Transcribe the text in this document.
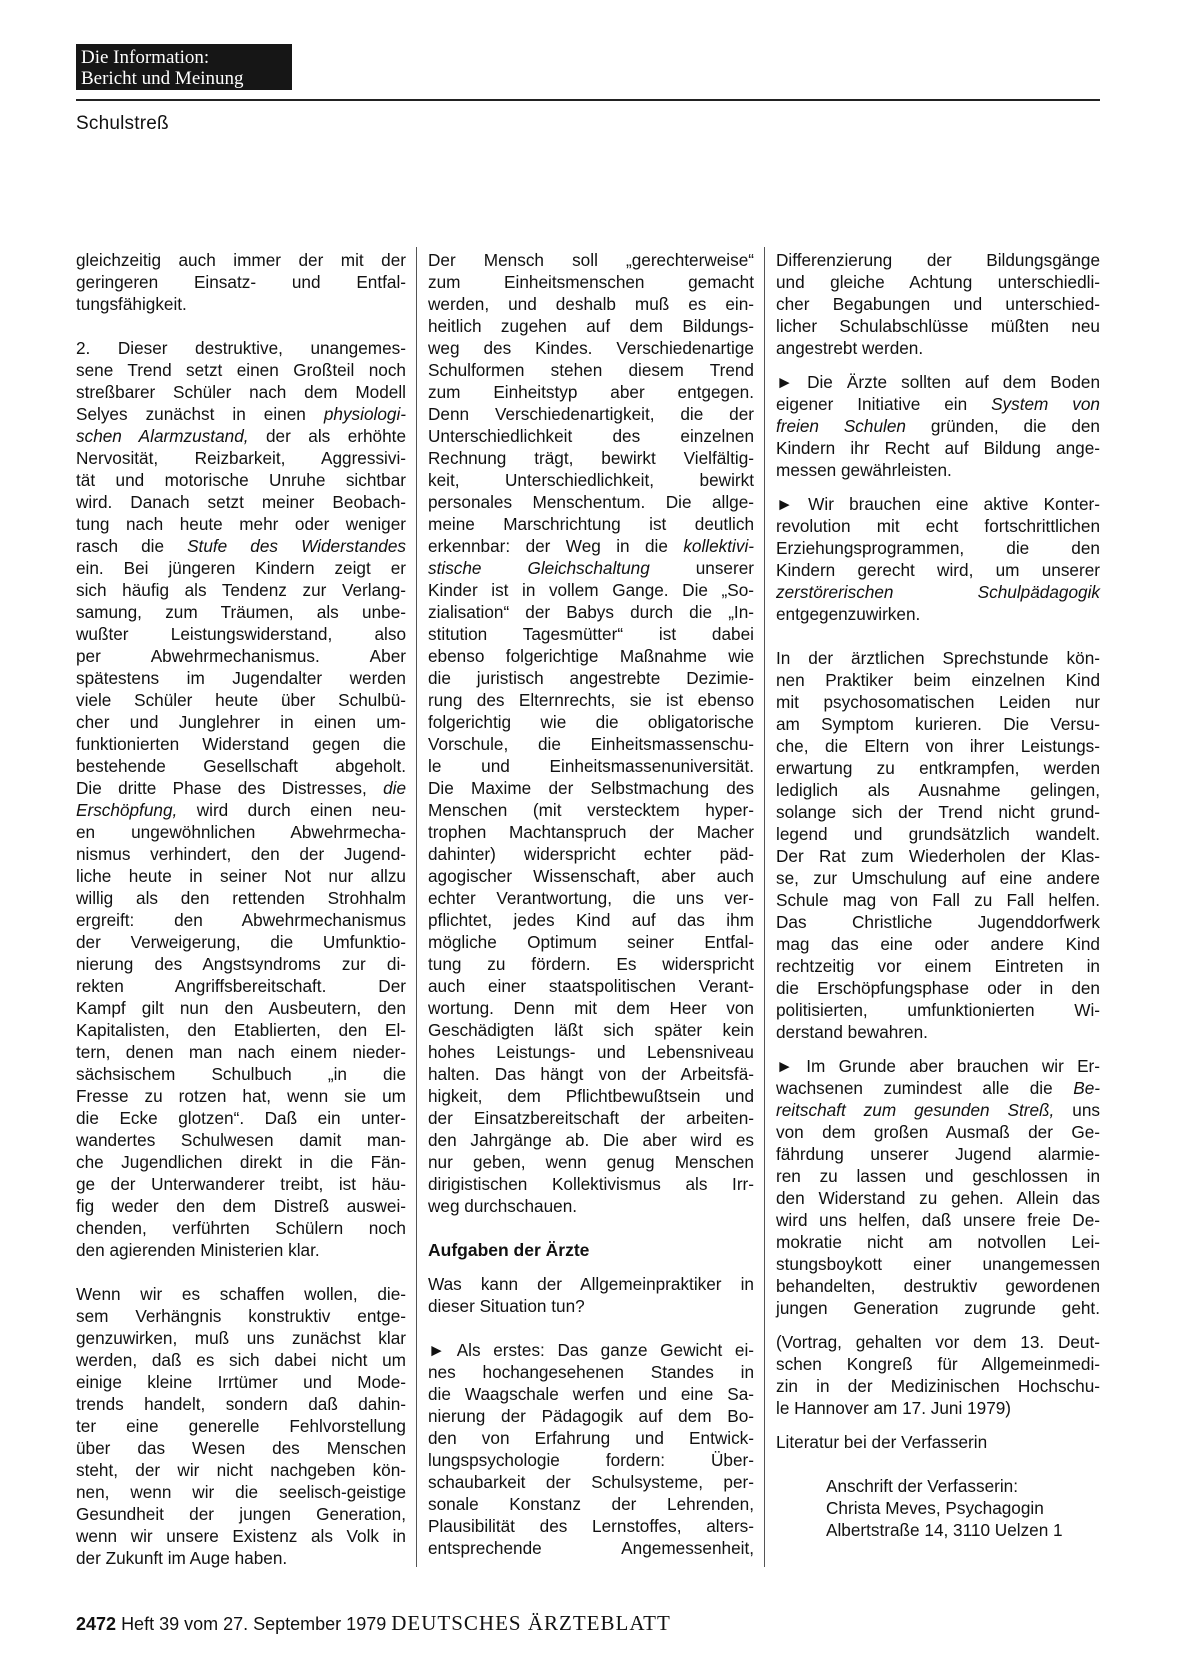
Die Information:
Bericht und Meinung
Schulstreß
gleichzeitig auch immer der mit der
geringeren Einsatz- und Entfal-
tungsfähigkeit.
2. Dieser destruktive, unangemes-
sene Trend setzt einen Großteil noch
streßbarer Schüler nach dem Modell
Selyes zunächst in einen physiologi-
schen Alarmzustand, der als erhöhte
Nervosität, Reizbarkeit, Aggressivi-
tät und motorische Unruhe sichtbar
wird. Danach setzt meiner Beobach-
tung nach heute mehr oder weniger
rasch die Stufe des Widerstandes
ein. Bei jüngeren Kindern zeigt er
sich häufig als Tendenz zur Verlang-
samung, zum Träumen, als unbe-
wußter Leistungswiderstand, also
per Abwehrmechanismus. Aber
spätestens im Jugendalter werden
viele Schüler heute über Schulbü-
cher und Junglehrer in einen um-
funktionierten Widerstand gegen die
bestehende Gesellschaft abgeholt.
Die dritte Phase des Distresses, die
Erschöpfung, wird durch einen neu-
en ungewöhnlichen Abwehrmecha-
nismus verhindert, den der Jugend-
liche heute in seiner Not nur allzu
willig als den rettenden Strohhalm
ergreift: den Abwehrmechanismus
der Verweigerung, die Umfunktio-
nierung des Angstsyndroms zur di-
rekten Angriffsbereitschaft. Der
Kampf gilt nun den Ausbeutern, den
Kapitalisten, den Etablierten, den El-
tern, denen man nach einem nieder-
sächsischem Schulbuch „in die
Fresse zu rotzen hat, wenn sie um
die Ecke glotzen“. Daß ein unter-
wandertes Schulwesen damit man-
che Jugendlichen direkt in die Fän-
ge der Unterwanderer treibt, ist häu-
fig weder den dem Distreß auswei-
chenden, verführten Schülern noch
den agierenden Ministerien klar.
Wenn wir es schaffen wollen, die-
sem Verhängnis konstruktiv entge-
genzuwirken, muß uns zunächst klar
werden, daß es sich dabei nicht um
einige kleine Irrtümer und Mode-
trends handelt, sondern daß dahin-
ter eine generelle Fehlvorstellung
über das Wesen des Menschen
steht, der wir nicht nachgeben kön-
nen, wenn wir die seelisch-geistige
Gesundheit der jungen Generation,
wenn wir unsere Existenz als Volk in
der Zukunft im Auge haben.
Der Mensch soll „gerechterweise“
zum Einheitsmenschen gemacht
werden, und deshalb muß es ein-
heitlich zugehen auf dem Bildungs-
weg des Kindes. Verschiedenartige
Schulformen stehen diesem Trend
zum Einheitstyp aber entgegen.
Denn Verschiedenartigkeit, die der
Unterschiedlichkeit des einzelnen
Rechnung trägt, bewirkt Vielfältig-
keit, Unterschiedlichkeit, bewirkt
personales Menschentum. Die allge-
meine Marschrichtung ist deutlich
erkennbar: der Weg in die kollektivi-
stische Gleichschaltung unserer
Kinder ist in vollem Gange. Die „So-
zialisation“ der Babys durch die „In-
stitution Tagesmütter“ ist dabei
ebenso folgerichtige Maßnahme wie
die juristisch angestrebte Dezimie-
rung des Elternrechts, sie ist ebenso
folgerichtig wie die obligatorische
Vorschule, die Einheitsmassenschu-
le und Einheitsmassenuniversität.
Die Maxime der Selbstmachung des
Menschen (mit verstecktem hyper-
trophen Machtanspruch der Macher
dahinter) widerspricht echter päd-
agogischer Wissenschaft, aber auch
echter Verantwortung, die uns ver-
pflichtet, jedes Kind auf das ihm
mögliche Optimum seiner Entfal-
tung zu fördern. Es widerspricht
auch einer staatspolitischen Verant-
wortung. Denn mit dem Heer von
Geschädigten läßt sich später kein
hohes Leistungs- und Lebensniveau
halten. Das hängt von der Arbeitsfä-
higkeit, dem Pflichtbewußtsein und
der Einsatzbereitschaft der arbeiten-
den Jahrgänge ab. Die aber wird es
nur geben, wenn genug Menschen
dirigistischen Kollektivismus als Irr-
weg durchschauen.
Aufgaben der Ärzte
Was kann der Allgemeinpraktiker in
dieser Situation tun?
► Als erstes: Das ganze Gewicht ei-
nes hochangesehenen Standes in
die Waagschale werfen und eine Sa-
nierung der Pädagogik auf dem Bo-
den von Erfahrung und Entwick-
lungspsychologie fordern: Über-
schaubarkeit der Schulsysteme, per-
sonale Konstanz der Lehrenden,
Plausibilität des Lernstoffes, alters-
entsprechende Angemessenheit,
Differenzierung der Bildungsgänge
und gleiche Achtung unterschiedli-
cher Begabungen und unterschied-
licher Schulabschlüsse müßten neu
angestrebt werden.
► Die Ärzte sollten auf dem Boden
eigener Initiative ein System von
freien Schulen gründen, die den
Kindern ihr Recht auf Bildung ange-
messen gewährleisten.
► Wir brauchen eine aktive Konter-
revolution mit echt fortschrittlichen
Erziehungsprogrammen, die den
Kindern gerecht wird, um unserer
zerstörerischen Schulpädagogik
entgegenzuwirken.
In der ärztlichen Sprechstunde kön-
nen Praktiker beim einzelnen Kind
mit psychosomatischen Leiden nur
am Symptom kurieren. Die Versu-
che, die Eltern von ihrer Leistungs-
erwartung zu entkrampfen, werden
lediglich als Ausnahme gelingen,
solange sich der Trend nicht grund-
legend und grundsätzlich wandelt.
Der Rat zum Wiederholen der Klas-
se, zur Umschulung auf eine andere
Schule mag von Fall zu Fall helfen.
Das Christliche Jugenddorfwerk
mag das eine oder andere Kind
rechtzeitig vor einem Eintreten in
die Erschöpfungsphase oder in den
politisierten, umfunktionierten Wi-
derstand bewahren.
► Im Grunde aber brauchen wir Er-
wachsenen zumindest alle die Be-
reitschaft zum gesunden Streß, uns
von dem großen Ausmaß der Ge-
fährdung unserer Jugend alarmie-
ren zu lassen und geschlossen in
den Widerstand zu gehen. Allein das
wird uns helfen, daß unsere freie De-
mokratie nicht am notvollen Lei-
stungsboykott einer unangemessen
behandelten, destruktiv gewordenen
jungen Generation zugrunde geht.
(Vortrag, gehalten vor dem 13. Deut-
schen Kongreß für Allgemeinmedi-
zin in der Medizinischen Hochschu-
le Hannover am 17. Juni 1979)
Literatur bei der Verfasserin
Anschrift der Verfasserin:
Christa Meves, Psychagogin
Albertstraße 14, 3110 Uelzen 1
2472 Heft 39 vom 27. September 1979 DEUTSCHES ÄRZTEBLATT
